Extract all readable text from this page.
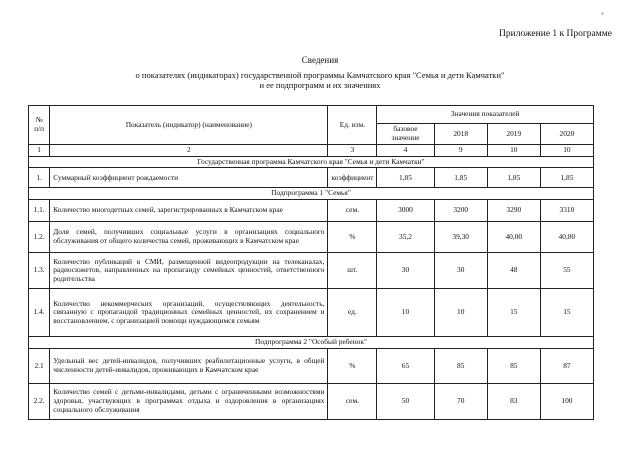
Приложение 1 к Программе
Сведения
о показателях (индикаторах) государственной программы Камчатского края "Семья и дети Камчатки"
и ее подпрограмм и их значениях
№ п/п	Показатель (индикатор) (наименование)	Ед. изм.	Значения показателей			
			базовое значение	2018	2019	2020
1	2	3	4	9	10	10
Государственная программа Камчатского края "Семья и дети Камчатки"						
1.	Суммарный коэффициент рождаемости	коэффициент	1,85	1,85	1,85	1,85
Подпрограмма 1 "Семья"						
1.1.	Количество многодетных семей, зарегистрированных в Камчатском крае	сем.	3000	3200	3290	3310
1.2.	Доля семей, получивших социальные услуги в организациях социального обслуживания от общего количества семей, проживающих в Камчатском крае	%	35,2	39,30	40,00	40,80
1.3.	Количество публикаций в СМИ, размещенной видеопродукции на телеканалах, радиосюжетов, направленных на пропаганду семейных ценностей, ответственного родительства	шт.	30	30	48	55
1.4.	Количество некоммерческих организаций, осуществляющих деятельность, связанную с пропагандой традиционных семейных ценностей, их сохранением и восстановлением, с организацией помощи нуждающимся семьям	ед.	10	10	15	15
Подпрограмма 2 "Особый ребенок"						
2.1	Удельный вес детей-инвалидов, получивших реабилитационные услуги, в общей численности детей-инвалидов, проживающих в Камчатском крае	%	65	85	85	87
2.2.	Количество семей с детьми-инвалидами, детьми с ограниченными возможностями здоровья, участвующих в программах отдыха и оздоровления в организациях социального обслуживания	сем.	50	70	83	100
